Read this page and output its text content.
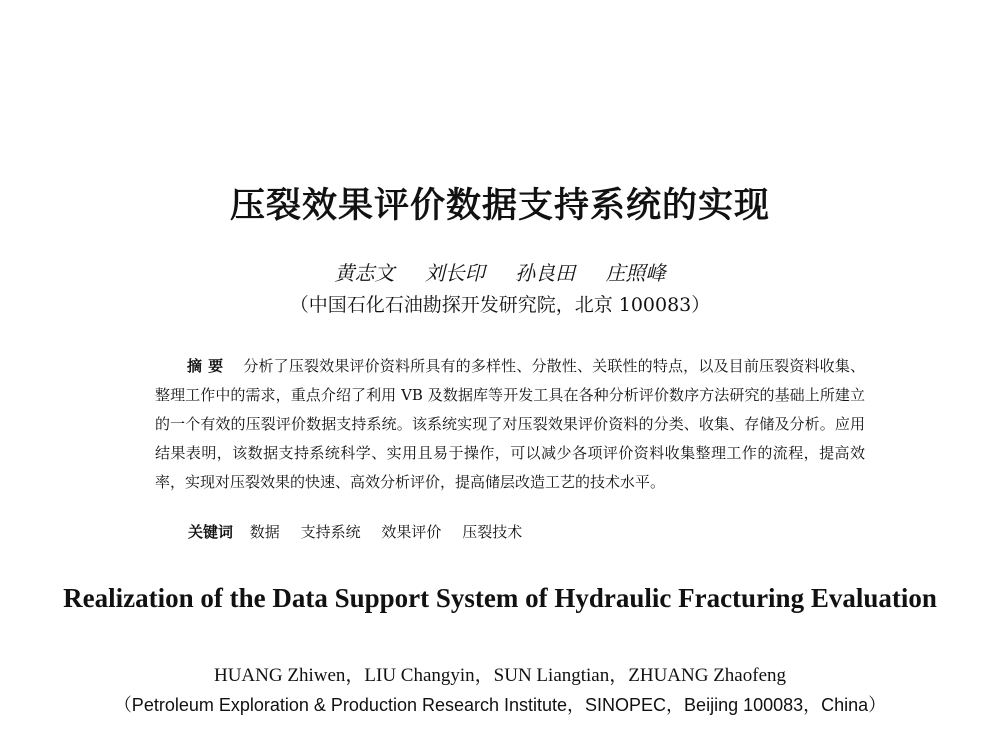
压裂效果评价数据支持系统的实现
黄志文 刘长印 孙良田 庄照峰
（中国石化石油勘探开发研究院，北京 100083）
摘要 分析了压裂效果评价资料所具有的多样性、分散性、关联性的特点，以及目前压裂资料收集、整理工作中的需求，重点介绍了利用 VB 及数据库等开发工具在各种分析评价数序方法研究的基础上所建立的一个有效的压裂评价数据支持系统。该系统实现了对压裂效果评价资料的分类、收集、存储及分析。应用结果表明，该数据支持系统科学、实用且易于操作，可以减少各项评价资料收集整理工作的流程，提高效率，实现对压裂效果的快速、高效分析评价，提高储层改造工艺的技术水平。
关键词 数据 支持系统 效果评价 压裂技术
Realization of the Data Support System of Hydraulic Fracturing Evaluation
HUANG Zhiwen，LIU Changyin，SUN Liangtian，ZHUANG Zhaofeng
（Petroleum Exploration & Production Research Institute，SINOPEC，Beijing 100083，China）
